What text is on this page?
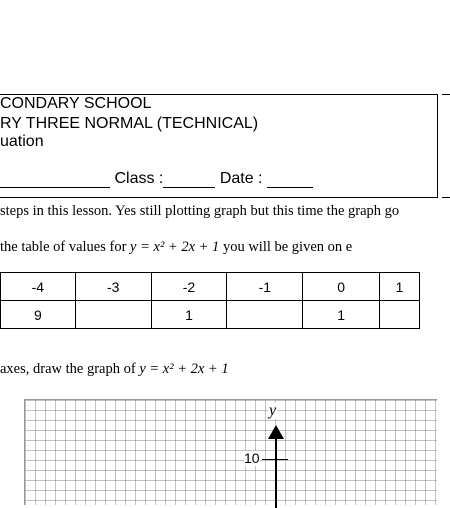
CONDARY SCHOOL
RY THREE NORMAL (TECHNICAL)
uation
Class :	Date :
steps in this lesson. Yes still plotting graph but this time the graph go
the table of values for y = x² + 2x + 1 you will be given on e
	-4	-3	-2	-1	0	1
	9		1		1	
axes, draw the graph of y = x² + 2x + 1
y
10
